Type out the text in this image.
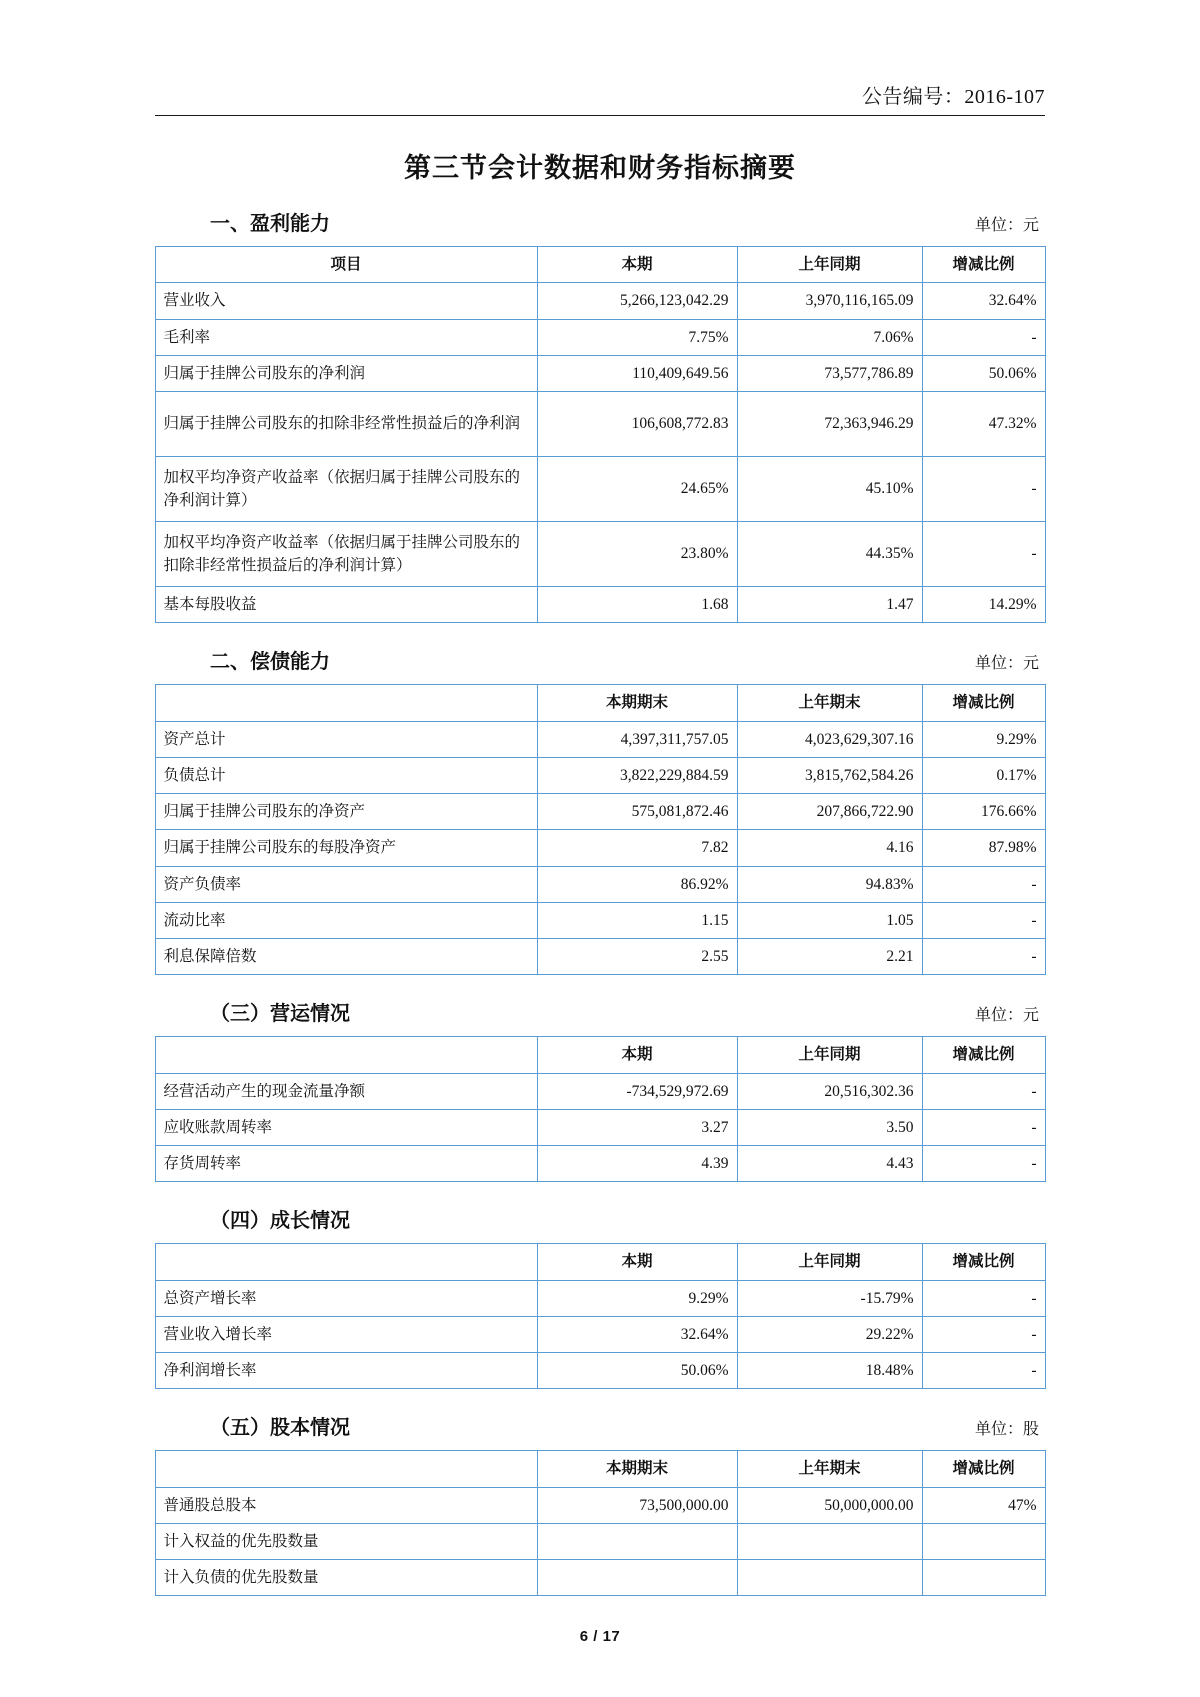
公告编号：2016-107
第三节会计数据和财务指标摘要
一、盈利能力	单位：元
项目	本期	上年同期	增减比例
营业收入	5,266,123,042.29	3,970,116,165.09	32.64%
毛利率	7.75%	7.06%	-
归属于挂牌公司股东的净利润	110,409,649.56	73,577,786.89	50.06%
归属于挂牌公司股东的扣除非经常性损益后的净利润	106,608,772.83	72,363,946.29	47.32%
加权平均净资产收益率（依据归属于挂牌公司股东的净利润计算）	24.65%	45.10%	-
加权平均净资产收益率（依据归属于挂牌公司股东的扣除非经常性损益后的净利润计算）	23.80%	44.35%	-
基本每股收益	1.68	1.47	14.29%
二、偿债能力	单位：元
	本期期末	上年期末	增减比例
资产总计	4,397,311,757.05	4,023,629,307.16	9.29%
负债总计	3,822,229,884.59	3,815,762,584.26	0.17%
归属于挂牌公司股东的净资产	575,081,872.46	207,866,722.90	176.66%
归属于挂牌公司股东的每股净资产	7.82	4.16	87.98%
资产负债率	86.92%	94.83%	-
流动比率	1.15	1.05	-
利息保障倍数	2.55	2.21	-
（三）营运情况	单位：元
	本期	上年同期	增减比例
经营活动产生的现金流量净额	-734,529,972.69	20,516,302.36	-
应收账款周转率	3.27	3.50	-
存货周转率	4.39	4.43	-
（四）成长情况
	本期	上年同期	增减比例
总资产增长率	9.29%	-15.79%	-
营业收入增长率	32.64%	29.22%	-
净利润增长率	50.06%	18.48%	-
（五）股本情况	单位：股
	本期期末	上年期末	增减比例
普通股总股本	73,500,000.00	50,000,000.00	47%
计入权益的优先股数量			
计入负债的优先股数量			
6 / 17
